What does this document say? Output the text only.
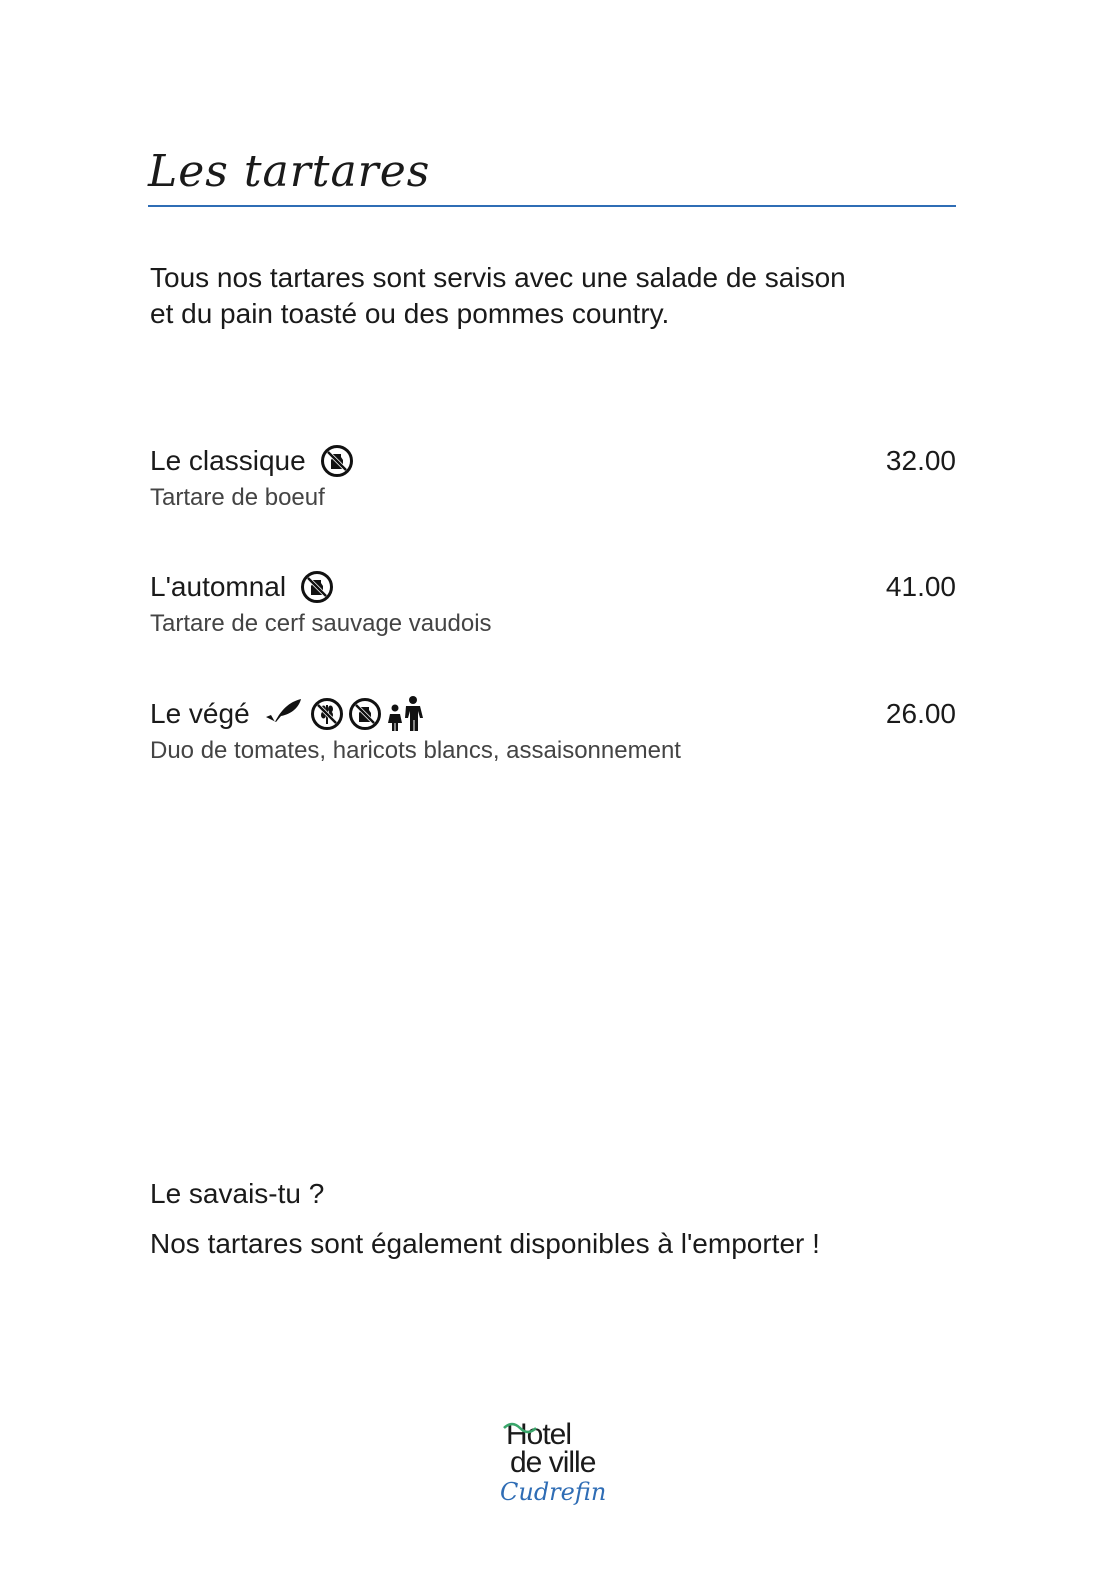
Les tartares
Tous nos tartares sont servis avec une salade de saison
et du pain toasté ou des pommes country.
Le classique	32.00
Tartare de boeuf
L'automnal	41.00
Tartare de cerf sauvage vaudois
Le végé	26.00
Duo de tomates, haricots blancs, assaisonnement
Le savais-tu ?
Nos tartares sont également disponibles à l'emporter !
Hotel
de ville
Cudrefin
